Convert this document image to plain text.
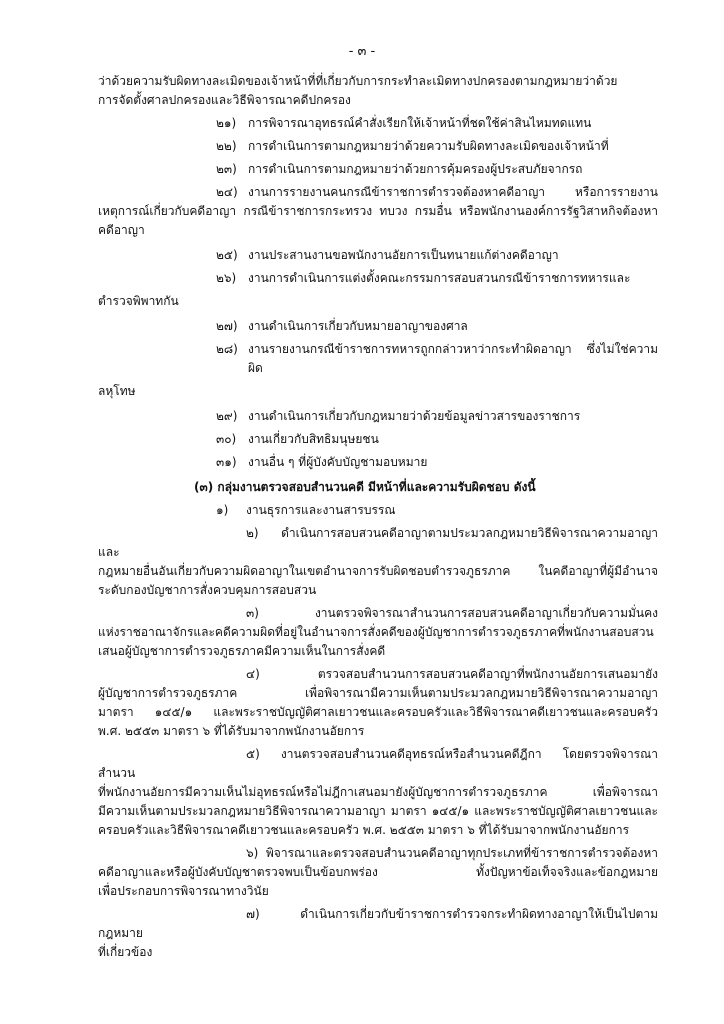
- ๓ -

ว่าด้วยความรับผิดทางละเมิดของเจ้าหน้าที่ที่เกี่ยวกับการกระทำละเมิดทางปกครองตามกฎหมายว่าด้วย

การจัดตั้งศาลปกครองและวิธีพิจารณาคดีปกครอง

๒๑) การพิจารณาอุทธรณ์คำสั่งเรียกให้เจ้าหน้าที่ชดใช้ค่าสินไหมทดแทน

๒๒) การดำเนินการตามกฎหมายว่าด้วยความรับผิดทางละเมิดของเจ้าหน้าที่

๒๓) การดำเนินการตามกฎหมายว่าด้วยการคุ้มครองผู้ประสบภัยจากรถ

๒๔) งานการรายงานคนกรณีข้าราชการตำรวจต้องหาคดีอาญา หรือการรายงาน

เหตุการณ์เกี่ยวกับคดีอาญา กรณีข้าราชการกระทรวง ทบวง กรมอื่น หรือพนักงานองค์การรัฐวิสาหกิจต้องหา

คดีอาญา

๒๕) งานประสานงานขอพนักงานอัยการเป็นทนายแก้ต่างคดีอาญา

๒๖) งานการดำเนินการแต่งตั้งคณะกรรมการสอบสวนกรณีข้าราชการทหารและ

ตำรวจพิพาทกัน

๒๗) งานดำเนินการเกี่ยวกับหมายอาญาของศาล

๒๘) งานรายงานกรณีข้าราชการทหารถูกกล่าวหาว่ากระทำผิดอาญา ซึ่งไม่ใช่ความผิด

ลหุโทษ

๒๙) งานดำเนินการเกี่ยวกับกฎหมายว่าด้วยข้อมูลข่าวสารของราชการ

๓๐) งานเกี่ยวกับสิทธิมนุษยชน

๓๑) งานอื่น ๆ ที่ผู้บังคับบัญชามอบหมาย

(๓) กลุ่มงานตรวจสอบสำนวนคดี มีหน้าที่และความรับผิดชอบ ดังนี้

๑) งานธุรการและงานสารบรรณ

๒) ดำเนินการสอบสวนคดีอาญาตามประมวลกฎหมายวิธีพิจารณาความอาญาและ

กฎหมายอื่นอันเกี่ยวกับความผิดอาญาในเขตอำนาจการรับผิดชอบตำรวจภูธรภาค ในคดีอาญาที่ผู้มีอำนาจ

ระดับกองบัญชาการสั่งควบคุมการสอบสวน

๓) งานตรวจพิจารณาสำนวนการสอบสวนคดีอาญาเกี่ยวกับความมั่นคง

แห่งราชอาณาจักรและคดีความผิดที่อยู่ในอำนาจการสั่งคดีของผู้บัญชาการตำรวจภูธรภาคที่พนักงานสอบสวน

เสนอผู้บัญชาการตำรวจภูธรภาคมีความเห็นในการสั่งคดี

๔) ตรวจสอบสำนวนการสอบสวนคดีอาญาที่พนักงานอัยการเสนอมายัง

ผู้บัญชาการตำรวจภูธรภาค เพื่อพิจารณามีความเห็นตามประมวลกฎหมายวิธีพิจารณาความอาญา

มาตรา ๑๔๕/๑ และพระราชบัญญัติศาลเยาวชนและครอบครัวและวิธีพิจารณาคดีเยาวชนและครอบครัว

พ.ศ. ๒๕๕๓ มาตรา ๖ ที่ได้รับมาจากพนักงานอัยการ

๕) งานตรวจสอบสำนวนคดีอุทธรณ์หรือสำนวนคดีฎีกา โดยตรวจพิจารณาสำนวน

ที่พนักงานอัยการมีความเห็นไม่อุทธรณ์หรือไม่ฎีกาเสนอมายังผู้บัญชาการตำรวจภูธรภาค เพื่อพิจารณา

มีความเห็นตามประมวลกฎหมายวิธีพิจารณาความอาญา มาตรา ๑๔๕/๑ และพระราชบัญญัติศาลเยาวชนและ

ครอบครัวและวิธีพิจารณาคดีเยาวชนและครอบครัว พ.ศ. ๒๕๕๓ มาตรา ๖ ที่ได้รับมาจากพนักงานอัยการ

๖) พิจารณาและตรวจสอบสำนวนคดีอาญาทุกประเภทที่ข้าราชการตำรวจต้องหา

คดีอาญาและหรือผู้บังคับบัญชาตรวจพบเป็นข้อบกพร่อง ทั้งปัญหาข้อเท็จจริงและข้อกฎหมาย

เพื่อประกอบการพิจารณาทางวินัย

๗) ดำเนินการเกี่ยวกับข้าราชการตำรวจกระทำผิดทางอาญาให้เป็นไปตามกฎหมาย

ที่เกี่ยวข้อง
